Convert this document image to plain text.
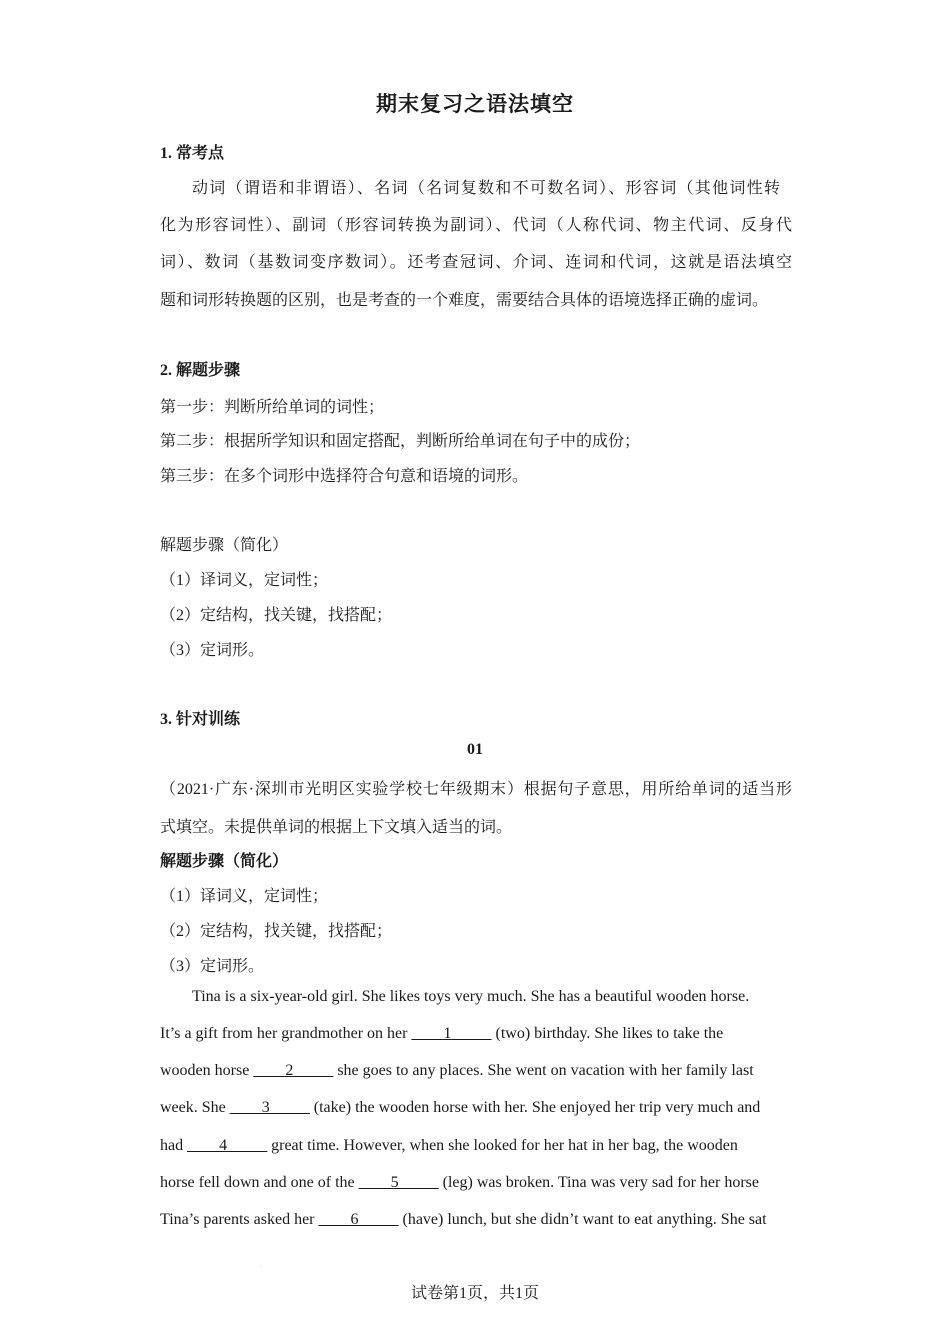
期末复习之语法填空
1. 常考点
动词（谓语和非谓语）、名词（名词复数和不可数名词）、形容词（其他词性转
化为形容词性）、副词（形容词转换为副词）、代词（人称代词、物主代词、反身代
词）、数词（基数词变序数词）。还考查冠词、介词、连词和代词，这就是语法填空
题和词形转换题的区别，也是考查的一个难度，需要结合具体的语境选择正确的虚词。
2. 解题步骤
第一步：判断所给单词的词性；
第二步：根据所学知识和固定搭配，判断所给单词在句子中的成份；
第三步：在多个词形中选择符合句意和语境的词形。
解题步骤（简化）
（1）译词义，定词性；
（2）定结构，找关键，找搭配；
（3）定词形。
3. 针对训练
01
（2021·广东·深圳市光明区实验学校七年级期末）根据句子意思，用所给单词的适当形
式填空。未提供单词的根据上下文填入适当的词。
解题步骤（简化）
（1）译词义，定词性；
（2）定结构，找关键，找搭配；
（3）定词形。
Tina is a six-year-old girl. She likes toys very much. She has a beautiful wooden horse.
It’s a gift from her grandmother on her ____1_____ (two) birthday. She likes to take the
wooden horse ____2_____ she goes to any places. She went on vacation with her family last
week. She ____3_____ (take) the wooden horse with her. She enjoyed her trip very much and
had ____4_____ great time. However, when she looked for her hat in her bag, the wooden
horse fell down and one of the ____5_____ (leg) was broken. Tina was very sad for her horse
Tina’s parents asked her ____6_____ (have) lunch, but she didn’t want to eat anything. She sat
·
试卷第1页，共1页
